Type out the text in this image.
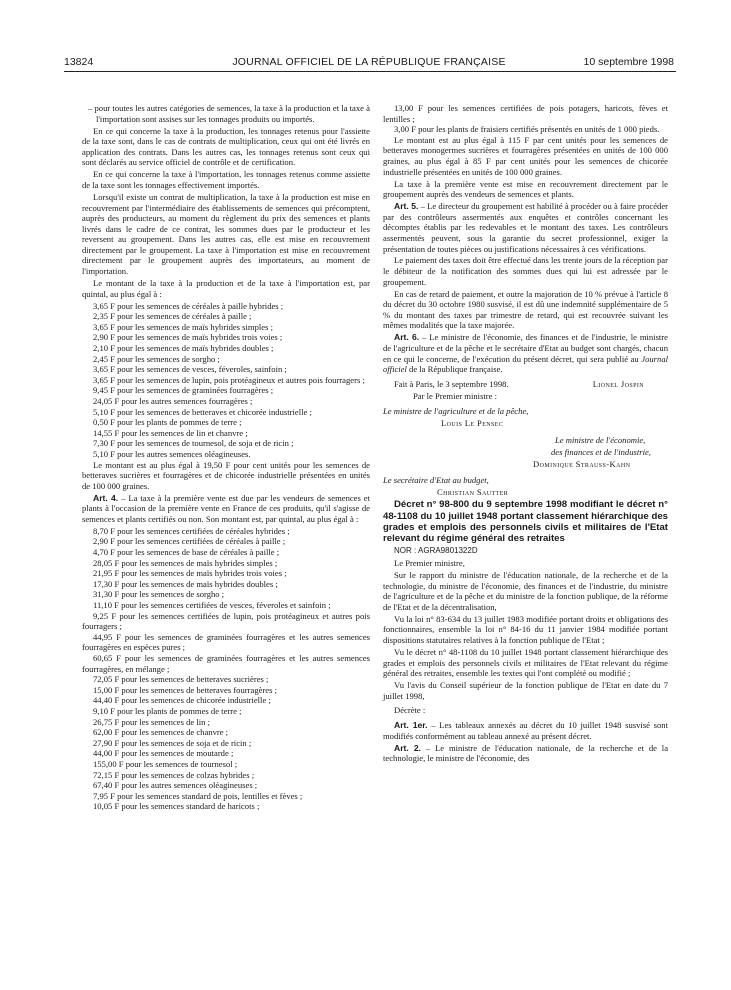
13824	JOURNAL OFFICIEL DE LA RÉPUBLIQUE FRANÇAISE	10 septembre 1998

– pour toutes les autres catégories de semences, la taxe à la production et la taxe à l'importation sont assises sur les tonnages produits ou importés.

En ce qui concerne la taxe à la production, les tonnages retenus pour l'assiette de la taxe sont, dans le cas de contrats de multiplication, ceux qui ont été livrés en application des contrats. Dans les autres cas, les tonnages retenus sont ceux qui sont déclarés au service officiel de contrôle et de certification.

En ce qui concerne la taxe à l'importation, les tonnages retenus comme assiette de la taxe sont les tonnages effectivement importés.

Lorsqu'il existe un contrat de multiplication, la taxe à la production est mise en recouvrement par l'intermédiaire des établissements de semences qui précomptent, auprès des producteurs, au moment du règlement du prix des semences et plants livrés dans le cadre de ce contrat, les sommes dues par le producteur et les reversent au groupement. Dans les autres cas, elle est mise en recouvrement directement par le groupement. La taxe à l'importation est mise en recouvrement directement par le groupement auprès des importateurs, au moment de l'importation.

Le montant de la taxe à la production et de la taxe à l'importation est, par quintal, au plus égal à :

3,65 F pour les semences de céréales à paille hybrides ;

2,35 F pour les semences de céréales à paille ;

3,65 F pour les semences de maïs hybrides simples ;

2,90 F pour les semences de maïs hybrides trois voies ;

2,10 F pour les semences de maïs hybrides doubles ;

2,45 F pour les semences de sorgho ;

3,65 F pour les semences de vesces, féveroles, sainfoin ;

3,65 F pour les semences de lupin, pois protéagineux et autres pois fourragers ;

9,45 F pour les semences de graminées fourragères ;

24,05 F pour les autres semences fourragères ;

5,10 F pour les semences de betteraves et chicorée industrielle ;

0,50 F pour les plants de pommes de terre ;

14,55 F pour les semences de lin et chanvre ;

7,30 F pour les semences de tournesol, de soja et de ricin ;

5,10 F pour les autres semences oléagineuses.

Le montant est au plus égal à 19,50 F pour cent unités pour les semences de betteraves sucrières et fourragères et de chicorée industrielle présentées en unités de 100 000 graines.

Art. 4. – La taxe à la première vente est due par les vendeurs de semences et plants à l'occasion de la première vente en France de ces produits, qu'il s'agisse de semences et plants certifiés ou non. Son montant est, par quintal, au plus égal à :

8,70 F pour les semences certifiées de céréales hybrides ;

2,90 F pour les semences certifiées de céréales à paille ;

4,70 F pour les semences de base de céréales à paille ;

28,05 F pour les semences de maïs hybrides simples ;

21,95 F pour les semences de maïs hybrides trois voies ;

17,30 F pour les semences de maïs hybrides doubles ;

31,30 F pour les semences de sorgho ;

11,10 F pour les semences certifiées de vesces, féveroles et sainfoin ;

9,25 F pour les semences certifiées de lupin, pois protéagineux et autres pois fourragers ;

44,95 F pour les semences de graminées fourragères et les autres semences fourragères en espèces pures ;

60,65 F pour les semences de graminées fourragères et les autres semences fourragères, en mélange ;

72,05 F pour les semences de betteraves sucrières ;

15,00 F pour les semences de betteraves fourragères ;

44,40 F pour les semences de chicorée industrielle ;

9,10 F pour les plants de pommes de terre ;

26,75 F pour les semences de lin ;

62,00 F pour les semences de chanvre ;

27,90 F pour les semences de soja et de ricin ;

44,00 F pour les semences de moutarde ;

155,00 F pour les semences de tournesol ;

72,15 F pour les semences de colzas hybrides ;

67,40 F pour les autres semences oléagineuses ;

7,95 F pour les semences standard de pois, lentilles et fèves ;

10,05 F pour les semences standard de haricots ;

13,00 F pour les semences certifiées de pois potagers, haricots, fèves et lentilles ;

3,00 F pour les plants de fraisiers certifiés présentés en unités de 1 000 pieds.

Le montant est au plus égal à 115 F par cent unités pour les semences de betteraves monogermes sucrières et fourragères présentées en unités de 100 000 graines, au plus égal à 85 F par cent unités pour les semences de chicorée industrielle présentées en unités de 100 000 graines.

La taxe à la première vente est mise en recouvrement directement par le groupement auprès des vendeurs de semences et plants.

Art. 5. – Le directeur du groupement est habilité à procéder ou à faire procéder par des contrôleurs assermentés aux enquêtes et contrôles concernant les décomptes établis par les redevables et le montant des taxes. Les contrôleurs assermentés peuvent, sous la garantie du secret professionnel, exiger la présentation de toutes pièces ou justifications nécessaires à ces vérifications.

Le paiement des taxes doit être effectué dans les trente jours de la réception par le débiteur de la notification des sommes dues qui lui est adressée par le groupement.

En cas de retard de paiement, et outre la majoration de 10 % prévue à l'article 8 du décret du 30 octobre 1980 susvisé, il est dû une indemnité supplémentaire de 5 % du montant des taxes par trimestre de retard, qui est recouvrée suivant les mêmes modalités que la taxe majorée.

Art. 6. – Le ministre de l'économie, des finances et de l'industrie, le ministre de l'agriculture et de la pêche et le secrétaire d'Etat au budget sont chargés, chacun en ce qui le concerne, de l'exécution du présent décret, qui sera publié au Journal officiel de la République française.

Fait à Paris, le 3 septembre 1998.	Lionel Jospin

Par le Premier ministre :

Le ministre de l'agriculture et de la pêche,

Louis Le Pensec

Le ministre de l'économie,

des finances et de l'industrie,

Dominique Strauss-Kahn

Le secrétaire d'Etat au budget,

Christian Sautter

Décret n° 98-800 du 9 septembre 1998 modifiant le décret n° 48-1108 du 10 juillet 1948 portant classement hiérarchique des grades et emplois des personnels civils et militaires de l'Etat relevant du régime général des retraites

NOR : AGRA9801322D

Le Premier ministre,

Sur le rapport du ministre de l'éducation nationale, de la recherche et de la technologie, du ministre de l'économie, des finances et de l'industrie, du ministre de l'agriculture et de la pêche et du ministre de la fonction publique, de la réforme de l'Etat et de la décentralisation,

Vu la loi n° 83-634 du 13 juillet 1983 modifiée portant droits et obligations des fonctionnaires, ensemble la loi n° 84-16 du 11 janvier 1984 modifiée portant dispositions statutaires relatives à la fonction publique de l'Etat ;

Vu le décret n° 48-1108 du 10 juillet 1948 portant classement hiérarchique des grades et emplois des personnels civils et militaires de l'Etat relevant du régime général des retraites, ensemble les textes qui l'ont complété ou modifié ;

Vu l'avis du Conseil supérieur de la fonction publique de l'Etat en date du 7 juillet 1998,

Décrète :

Art. 1er. – Les tableaux annexés au décret du 10 juillet 1948 susvisé sont modifiés conformément au tableau annexé au présent décret.

Art. 2. – Le ministre de l'éducation nationale, de la recherche et de la technologie, le ministre de l'économie, des
